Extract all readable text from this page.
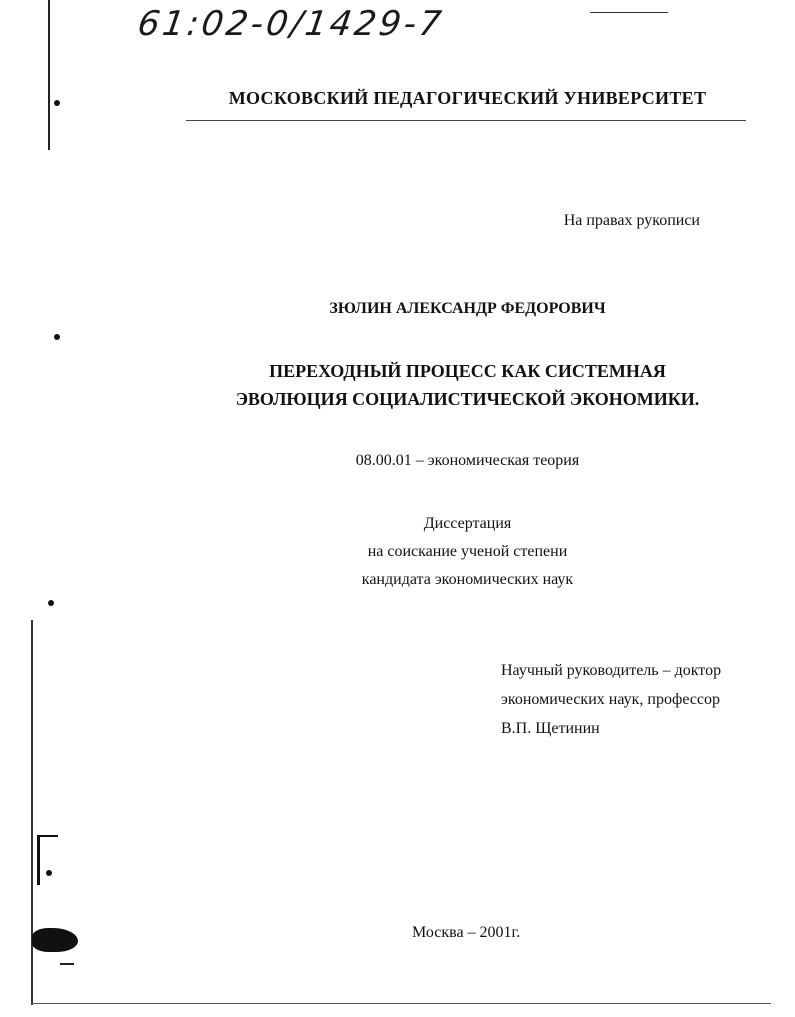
61:02-0/1429-7
МОСКОВСКИЙ ПЕДАГОГИЧЕСКИЙ УНИВЕРСИТЕТ
На правах рукописи
ЗЮЛИН АЛЕКСАНДР ФЕДОРОВИЧ
ПЕРЕХОДНЫЙ ПРОЦЕСС КАК СИСТЕМНАЯ
ЭВОЛЮЦИЯ СОЦИАЛИСТИЧЕСКОЙ ЭКОНОМИКИ.
08.00.01 – экономическая теория
Диссертация
на соискание ученой степени
кандидата экономических наук
Научный руководитель – доктор
экономических наук, профессор
В.П. Щетинин
Москва – 2001г.
